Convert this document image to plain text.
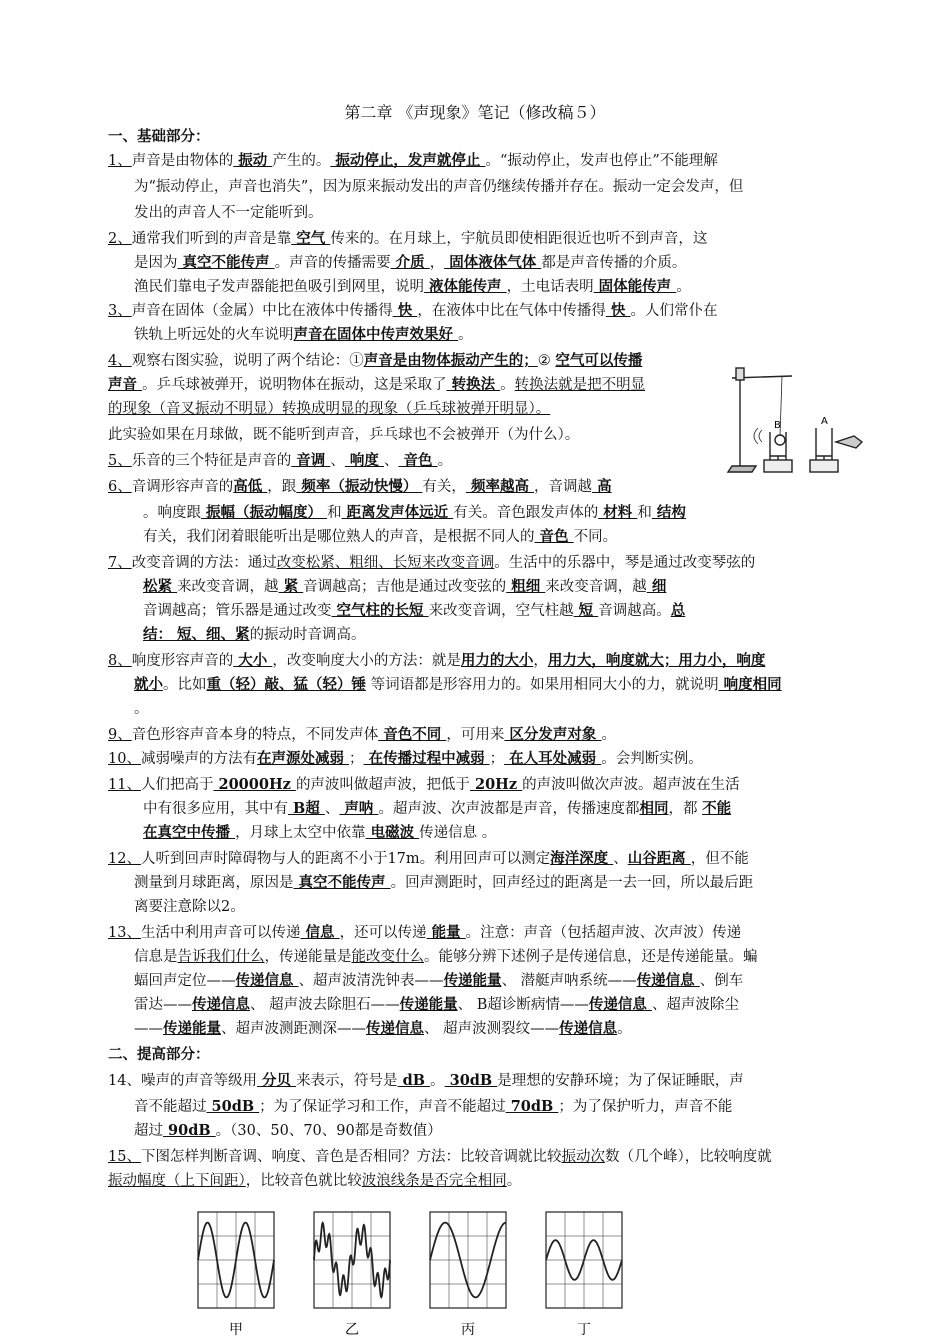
第二章 《声现象》笔记（修改稿５）
一、基础部分：
1、声音是由物体的 振动 产生的。 振动停止，发声就停止 。“振动停止，发声也停止”不能理解
为“振动停止，声音也消失”，因为原来振动发出的声音仍继续传播并存在。振动一定会发声，但
发出的声音人不一定能听到。
2、通常我们听到的声音是靠 空气 传来的。在月球上，宇航员即使相距很近也听不到声音，这
是因为 真空不能传声 。声音的传播需要 介质 ， 固体液体气体 都是声音传播的介质。
渔民们靠电子发声器能把鱼吸引到网里，说明 液体能传声 ，土电话表明 固体能传声 。
3、声音在固体（金属）中比在液体中传播得 快 ，在液体中比在气体中传播得 快 。人们常仆在
铁轨上听远处的火车说明声音在固体中传声效果好 。
4、观察右图实验，说明了两个结论：①声音是由物体振动产生的；② 空气可以传播
声音 。乒乓球被弹开，说明物体在振动，这是采取了 转换法 。转换法就是把不明显
的现象（音叉振动不明显）转换成明显的现象（乒乓球被弹开明显）。
此实验如果在月球做，既不能听到声音，乒乓球也不会被弹开（为什么）。
B	A
5、乐音的三个特征是声音的 音调 、 响度 、 音色 。
6、音调形容声音的高低 ，跟 频率（振动快慢） 有关， 频率越高 ，音调越 高
。响度跟 振幅（振动幅度） 和 距离发声体远近 有关。音色跟发声体的 材料 和 结构
有关，我们闭着眼能听出是哪位熟人的声音，是根据不同人的 音色 不同。
7、改变音调的方法：通过改变松紧、粗细、长短来改变音调。生活中的乐器中，琴是通过改变琴弦的
松紧 来改变音调，越 紧 音调越高；吉他是通过改变弦的 粗细 来改变音调，越 细
音调越高；管乐器是通过改变 空气柱的长短 来改变音调，空气柱越 短 音调越高。总
结： 短、细、紧的振动时音调高。
8、响度形容声音的 大小 ，改变响度大小的方法：就是用力的大小，用力大，响度就大；用力小，响度
就小。比如重（轻）敲、猛（轻）锤 等词语都是形容用力的。如果用相同大小的力，就说明 响度相同
。
9、音色形容声音本身的特点，不同发声体 音色不同 ，可用来 区分发声对象 。
10、减弱噪声的方法有在声源处减弱 ； 在传播过程中减弱 ； 在人耳处减弱 。会判断实例。
11、人们把高于 20000Hz 的声波叫做超声波，把低于 20Hz 的声波叫做次声波。超声波在生活
中有很多应用，其中有 B超 、 声呐 。超声波、次声波都是声音，传播速度都相同，都 不能
在真空中传播 ，月球上太空中依靠 电磁波 传递信息 。
12、人听到回声时障碍物与人的距离不小于17m。利用回声可以测定海洋深度 、山谷距离 ，但不能
测量到月球距离，原因是 真空不能传声 。回声测距时，回声经过的距离是一去一回，所以最后距
离要注意除以2。
13、生活中利用声音可以传递 信息 ，还可以传递 能量 。注意：声音（包括超声波、次声波）传递
信息是告诉我们什么，传递能量是能改变什么。能够分辨下述例子是传递信息，还是传递能量。蝙
蝠回声定位——传递信息 、超声波清洗钟表——传递能量、 潜艇声呐系统——传递信息 、倒车
雷达——传递信息、 超声波去除胆石——传递能量、 B超诊断病情——传递信息 、超声波除尘
——传递能量、超声波测距测深——传递信息、 超声波测裂纹——传递信息。
二、提高部分：
14、噪声的声音等级用 分贝 来表示，符号是 dB 。 30dB 是理想的安静环境；为了保证睡眠，声
音不能超过 50dB ；为了保证学习和工作，声音不能超过 70dB ；为了保护听力，声音不能
超过 90dB 。（30、50、70、90都是奇数值）
15、下图怎样判断音调、响度、音色是否相同？方法：比较音调就比较振动次数（几个峰），比较响度就
振动幅度（上下间距），比较音色就比较波浪线条是否完全相同。
甲	乙	丙	丁
